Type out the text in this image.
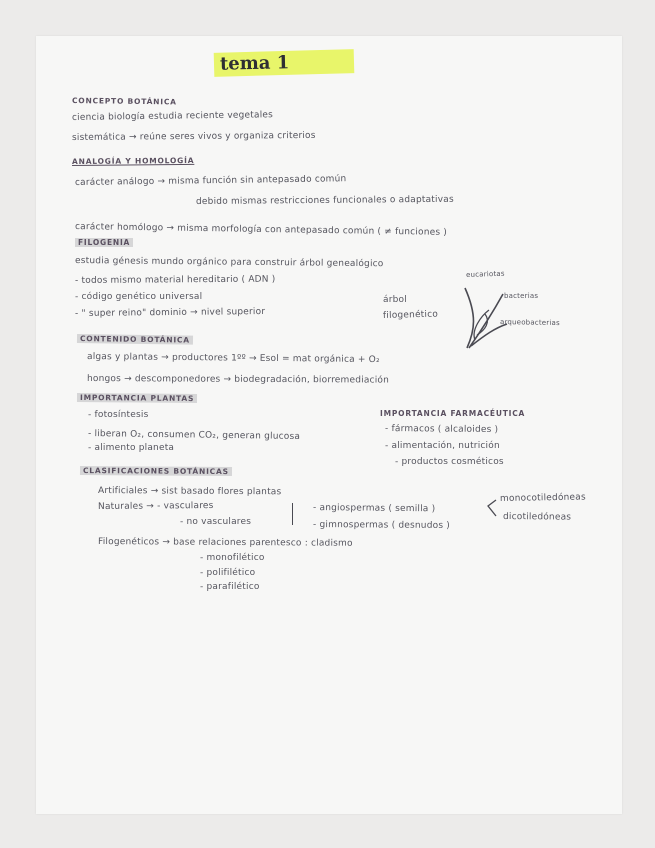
tema 1
CONCEPTO BOTÁNICA
ciencia biología estudia reciente vegetales
sistemática → reúne seres vivos y organiza criterios
ANALOGÍA Y HOMOLOGÍA
carácter análogo → misma función sin antepasado común
debido mismas restricciones funcionales o adaptativas
carácter homólogo → misma morfología con antepasado común ( ≠ funciones )
FILOGENIA
estudia génesis mundo orgánico para construir árbol genealógico
- todos mismo material hereditario ( ADN )
- código genético universal
- " super reino" dominio → nivel superior
árbol
filogenético
eucariotas
bacterias
arqueobacterias
CONTENIDO BOTÁNICA
algas y plantas → productores 1ºº → Esol = mat orgánica + O₂
hongos → descomponedores → biodegradación, biorremediación
IMPORTANCIA PLANTAS
- fotosíntesis
- liberan O₂, consumen CO₂, generan glucosa
- alimento planeta
IMPORTANCIA FARMACÉUTICA
- fármacos ( alcaloides )
- alimentación, nutrición
- productos cosméticos
CLASIFICACIONES BOTÁNICAS
Artificiales → sist basado flores plantas
Naturales → - vasculares
- no vasculares
- angiospermas ( semilla )
- gimnospermas ( desnudos )
monocotiledóneas
dicotiledóneas
Filogenéticos → base relaciones parentesco : cladismo
- monofilético
- polifilético
- parafilético
